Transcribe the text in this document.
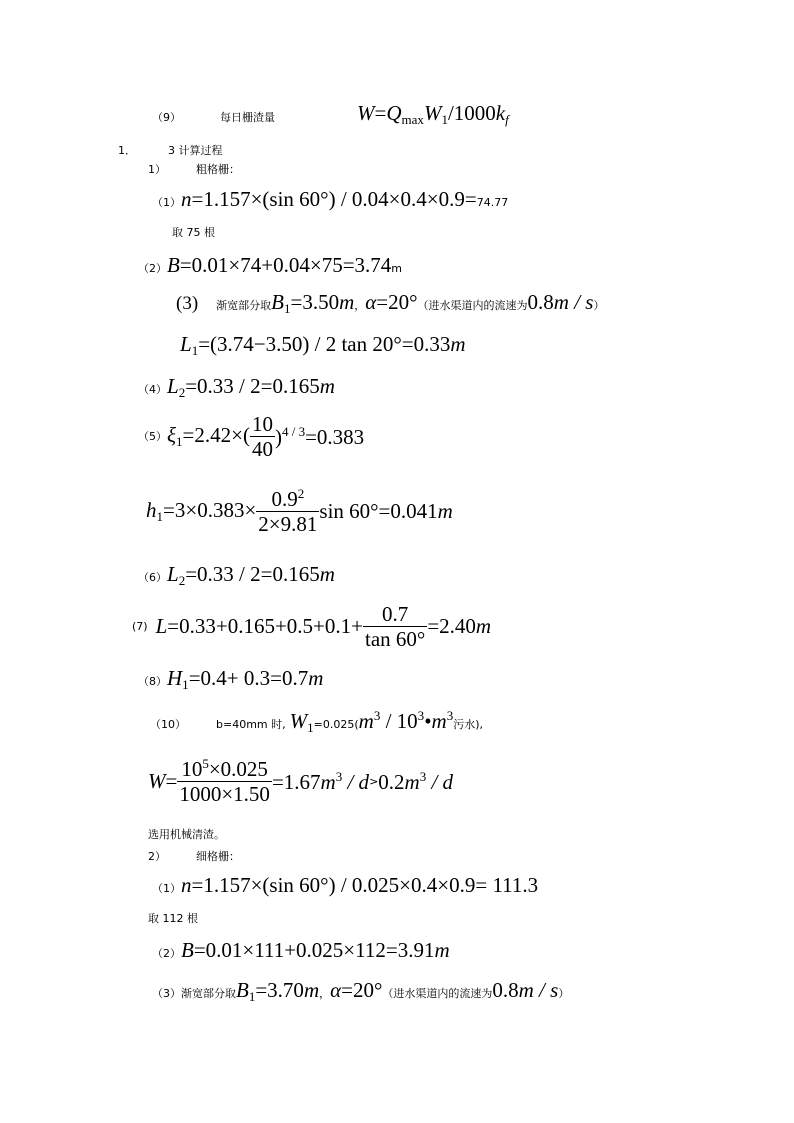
（9）	每日栅渣量	$W=Q_{max}W_1/1000k_f$
1．	3 计算过程
1）	粗格栅：
（1）n=1.157×(sin 60°) / 0.04×0.4×0.9=74.77
取 75 根
（2）B=0.01×74+0.04×75=3.74m
(3) 渐宽部分取$B_1=3.50m$，α=20°（进水渠道内的流速为0.8m / s）
$L_1=(3.74-3.50) / 2$ tan 20°=0.33m
$(4)L_2=0.33 / 2=0.165m$
$(5)\xi_1=2.42\times( \frac{10}{40} )^{4 / 3}=0.383$
$h_1=3\times 0.383\times \frac{0.9^2}{2\times 9.81}$ sin 60°=0.041m
$(6)L_2=0.33 / 2=0.165m$
(7) $L=0.33+0.165+0.5+0.1+ \frac{0.7}{\tan 60^\circ} =2.40m$
$(8)H_1=0.4+ 0.3=0.7m$
（10）	b=40mm 时, $W_1=0.025(m^3$ / $10^3•m^3$污水),
$W= \frac{10^5\times 0.025}{1000\times 1.50} =1.67m^3 / d>0.2m^3 / d$
选用机械清渣。
2）	细格栅：
（1）n=1.157×(sin 60°) / 0.025×0.4×0.9= 111.3
取 112 根
（2）B=0.01×111+0.025×112=3.91m
（3）渐宽部分取$B_1=3.70m$，α=20°（进水渠道内的流速为0.8m / s）
